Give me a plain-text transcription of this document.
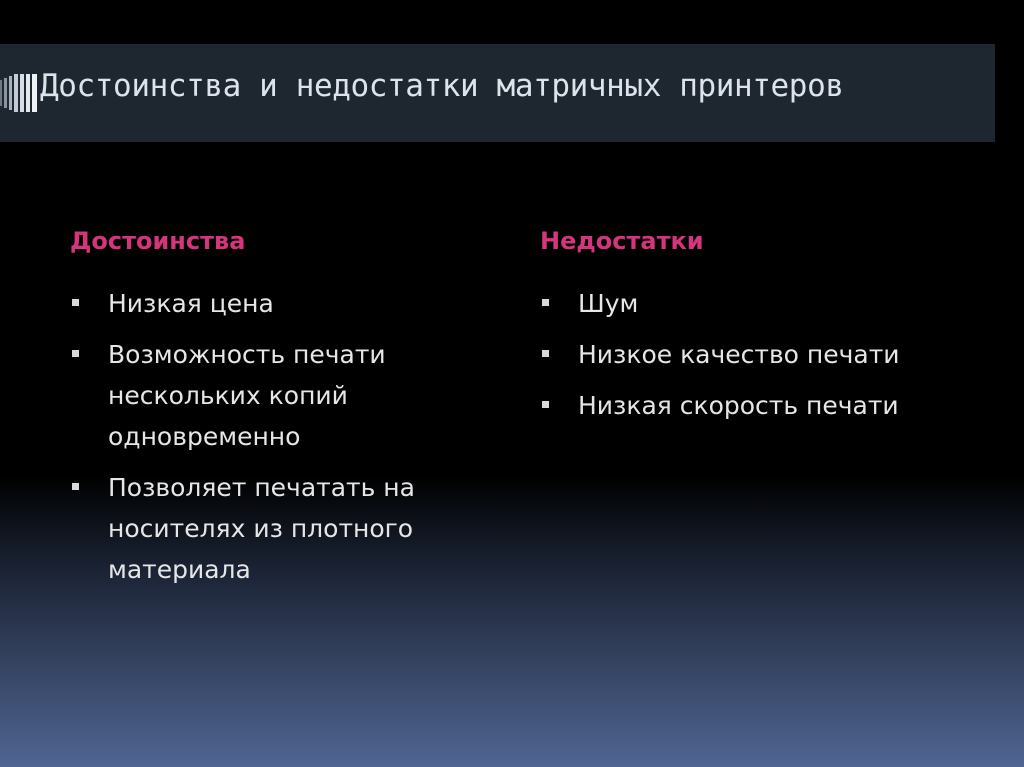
Достоинства и недостатки матричных принтеров
Достоинства
Низкая цена
Возможность печати нескольких копий одновременно
Позволяет печатать на носителях из плотного материала
Недостатки
Шум
Низкое качество печати
Низкая скорость печати
